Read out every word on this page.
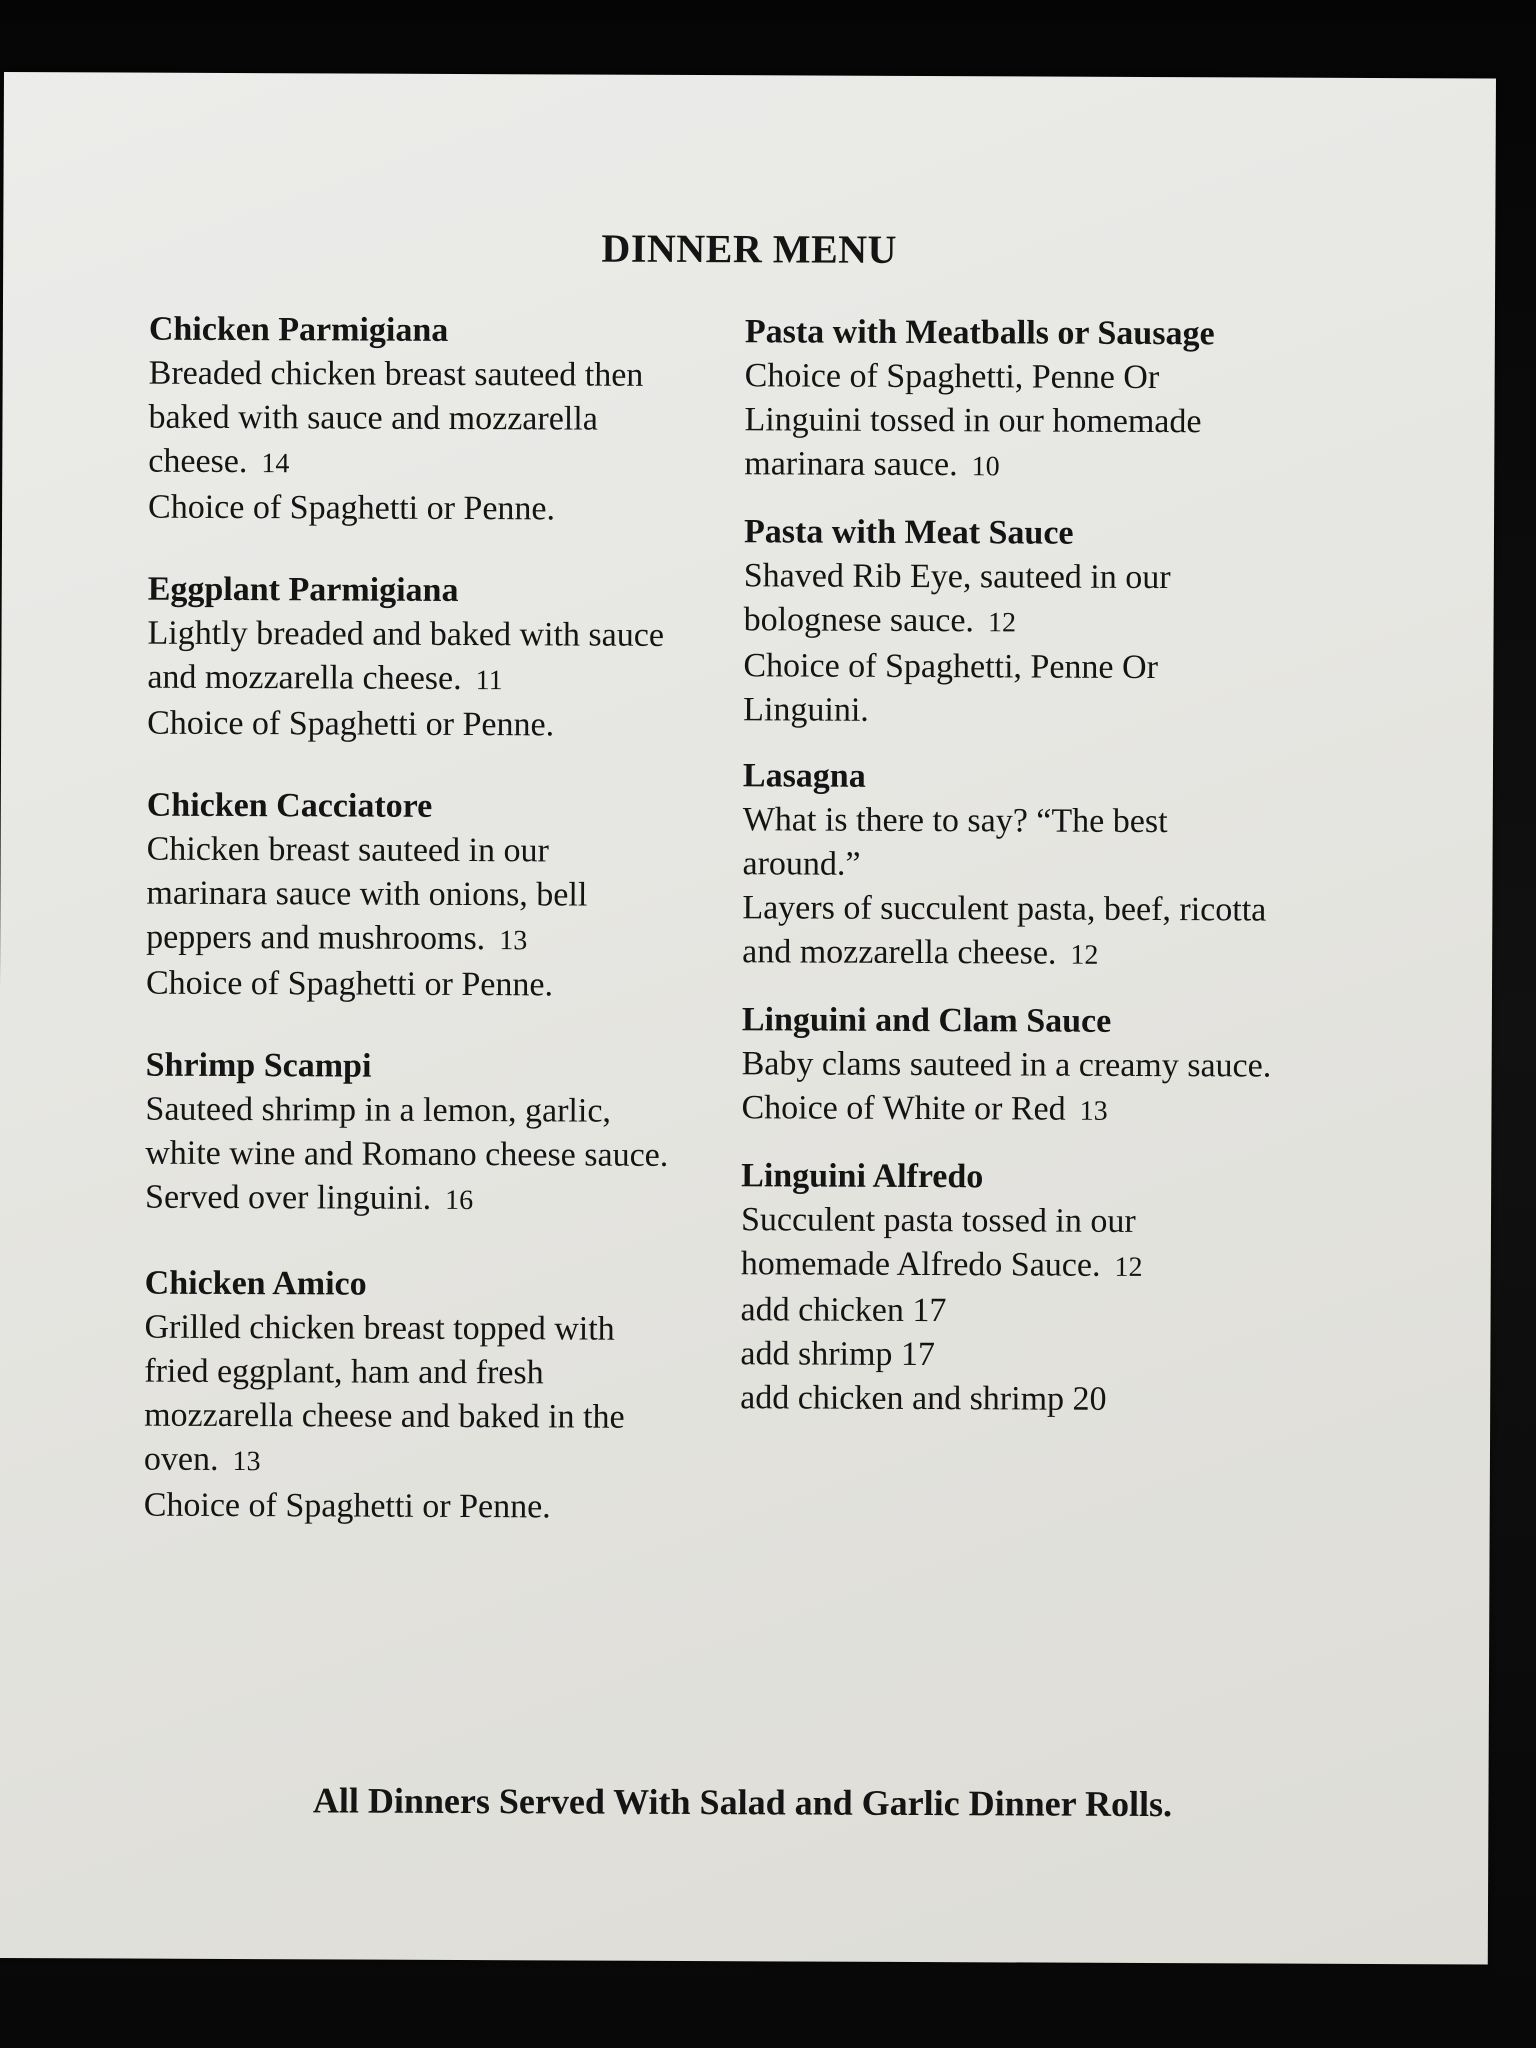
DINNER MENU
Chicken Parmigiana
Breaded chicken breast sauteed then
baked with sauce and mozzarella
cheese. 14
Choice of Spaghetti or Penne.
Eggplant Parmigiana
Lightly breaded and baked with sauce
and mozzarella cheese. 11
Choice of Spaghetti or Penne.
Chicken Cacciatore
Chicken breast sauteed in our
marinara sauce with onions, bell
peppers and mushrooms. 13
Choice of Spaghetti or Penne.
Shrimp Scampi
Sauteed shrimp in a lemon, garlic,
white wine and Romano cheese sauce.
Served over linguini. 16
Chicken Amico
Grilled chicken breast topped with
fried eggplant, ham and fresh
mozzarella cheese and baked in the
oven. 13
Choice of Spaghetti or Penne.
Pasta with Meatballs or Sausage
Choice of Spaghetti, Penne Or
Linguini tossed in our homemade
marinara sauce. 10
Pasta with Meat Sauce
Shaved Rib Eye, sauteed in our
bolognese sauce. 12
Choice of Spaghetti, Penne Or
Linguini.
Lasagna
What is there to say? “The best
around.”
Layers of succulent pasta, beef, ricotta
and mozzarella cheese. 12
Linguini and Clam Sauce
Baby clams sauteed in a creamy sauce.
Choice of White or Red 13
Linguini Alfredo
Succulent pasta tossed in our
homemade Alfredo Sauce. 12
add chicken 17
add shrimp 17
add chicken and shrimp 20
All Dinners Served With Salad and Garlic Dinner Rolls.
